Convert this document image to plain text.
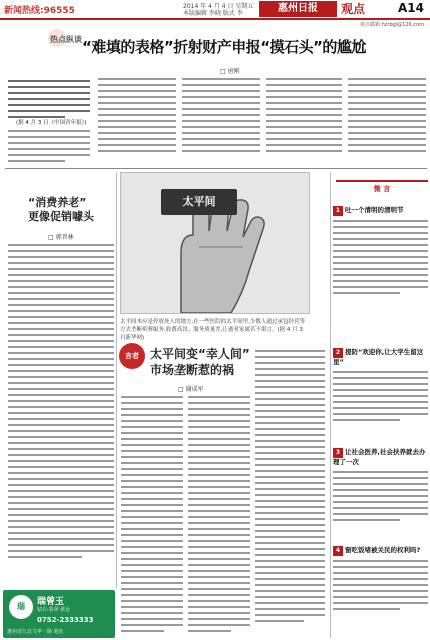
新闻热线:96555	2014 年 4 月 4 日 星期五
本版编辑 李晓 版式 李	惠州日报	观点	A14
观点邮箱:hzrbgl@126.com
热点纵谈 “难填的表格”折射财产申报“摸石头”的尴尬
□ 唐刚
(据 4 月 3 日《中国青年报》)
“消费养老”
更像促销噱头
□ 郭晋林
太平间
太平间本应是停放死人的地方,在一些医院的太平间里,少数人通过承包经营等方式垄断殡葬服务,收费高昂、服务质量差,让逝者家属苦不堪言。(据 4 月 3 日新华网)
言者 太平间变“幸人间”
市场垄断惹的祸
□ 谢成军
微 言
1 吐一个清明的清明节
2 提防“欢迎你,让大学生留这里”
3 让社会医养,社会扶养就去办理了一次
4 窗吃饭堵被关民的权利吗?
瑞	瑞曾玉
钻石·翡翠·黄金
0752-2333333
惠州市江北文华一路 地址
